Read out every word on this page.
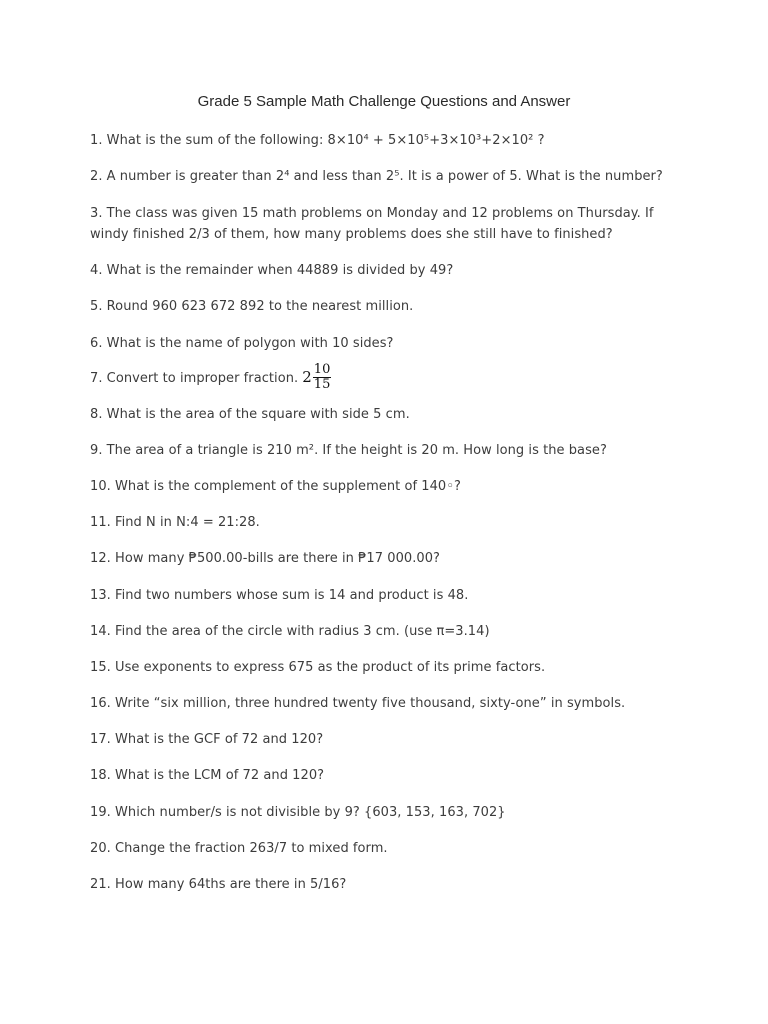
Grade 5 Sample Math Challenge Questions and Answer
1. What is the sum of the following: 8×10⁴ + 5×10⁵+3×10³+2×10² ?
2. A number is greater than 2⁴ and less than 2⁵. It is a power of 5. What is the number?
3. The class was given 15 math problems on Monday and 12 problems on Thursday. If windy finished 2/3 of them, how many problems does she still have to finished?
4. What is the remainder when 44889 is divided by 49?
5. Round 960 623 672 892 to the nearest million.
6. What is the name of polygon with 10 sides?
7. Convert to improper fraction. $2 \frac{10}{15}$
8. What is the area of the square with side 5 cm.
9. The area of a triangle is 210 m². If the height is 20 m. How long is the base?
10. What is the complement of the supplement of 140◦?
11. Find N in N:4 = 21:28.
12. How many ₱500.00-bills are there in ₱17 000.00?
13. Find two numbers whose sum is 14 and product is 48.
14. Find the area of the circle with radius 3 cm. (use π=3.14)
15. Use exponents to express 675 as the product of its prime factors.
16. Write “six million, three hundred twenty five thousand, sixty-one” in symbols.
17. What is the GCF of 72 and 120?
18. What is the LCM of 72 and 120?
19. Which number/s is not divisible by 9? {603, 153, 163, 702}
20. Change the fraction 263/7 to mixed form.
21. How many 64ths are there in 5/16?
